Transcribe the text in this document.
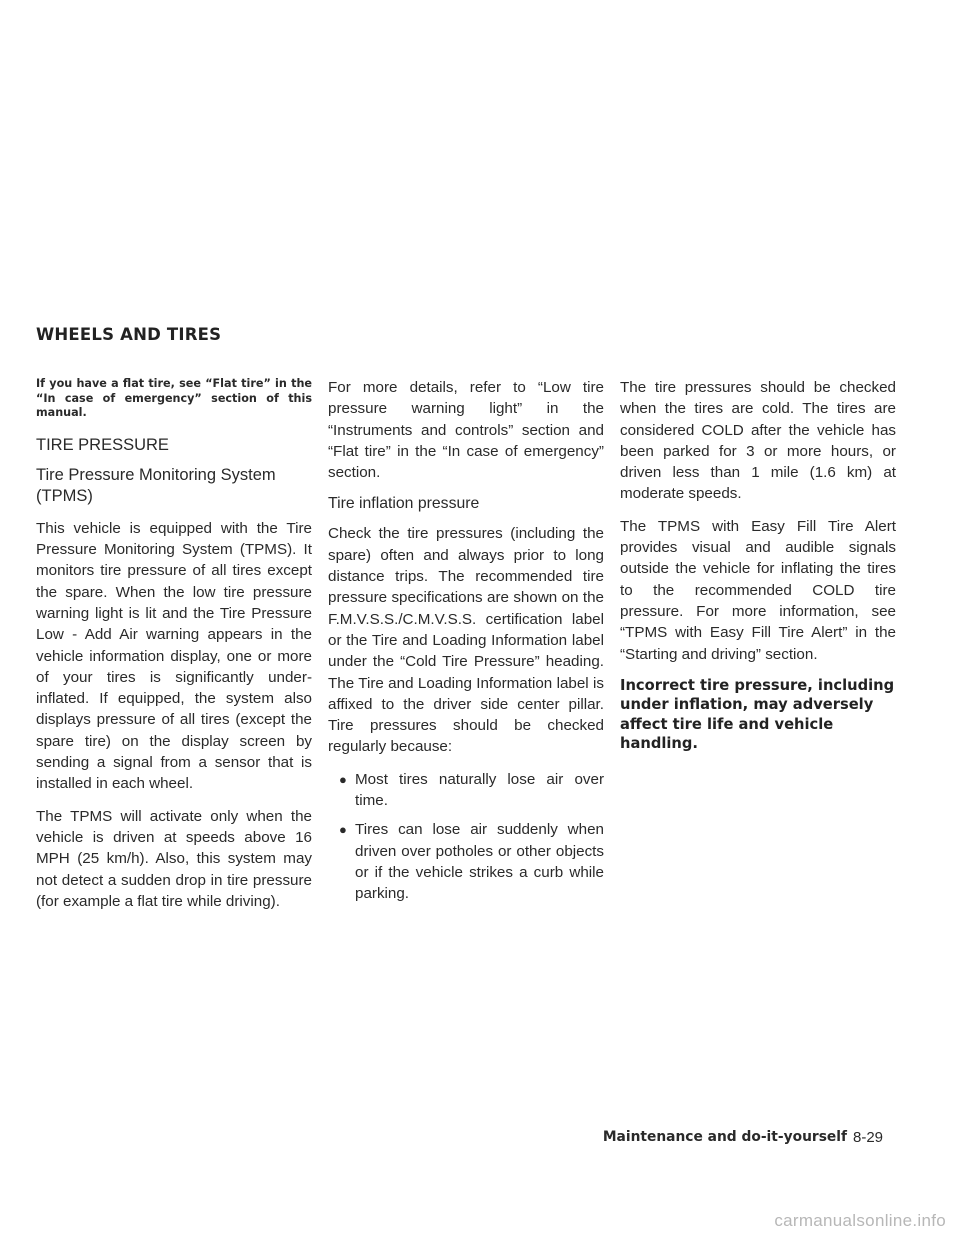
WHEELS AND TIRES

If you have a flat tire, see “Flat tire” in the “In case of emergency” section of this manual.

TIRE PRESSURE
Tire Pressure Monitoring System (TPMS)

This vehicle is equipped with the Tire Pressure Monitoring System (TPMS). It monitors tire pressure of all tires except the spare. When the low tire pressure warning light is lit and the Tire Pressure Low - Add Air warning appears in the vehicle information display, one or more of your tires is significantly under-inflated. If equipped, the system also displays pressure of all tires (except the spare tire) on the display screen by sending a signal from a sensor that is installed in each wheel.

The TPMS will activate only when the vehicle is driven at speeds above 16 MPH (25 km/h). Also, this system may not detect a sudden drop in tire pressure (for example a flat tire while driving).

For more details, refer to “Low tire pressure warning light” in the “Instruments and controls” section and “Flat tire” in the “In case of emergency” section.

Tire inflation pressure

Check the tire pressures (including the spare) often and always prior to long distance trips. The recommended tire pressure specifications are shown on the F.M.V.S.S./C.M.V.S.S. certification label or the Tire and Loading Information label under the “Cold Tire Pressure” heading. The Tire and Loading Information label is affixed to the driver side center pillar. Tire pressures should be checked regularly because:

● Most tires naturally lose air over time.
● Tires can lose air suddenly when driven over potholes or other objects or if the vehicle strikes a curb while parking.

The tire pressures should be checked when the tires are cold. The tires are considered COLD after the vehicle has been parked for 3 or more hours, or driven less than 1 mile (1.6 km) at moderate speeds.

The TPMS with Easy Fill Tire Alert provides visual and audible signals outside the vehicle for inflating the tires to the recommended COLD tire pressure. For more information, see “TPMS with Easy Fill Tire Alert” in the “Starting and driving” section.

Incorrect tire pressure, including under inflation, may adversely affect tire life and vehicle handling.

Maintenance and do-it-yourself 8-29
carmanualsonline.info
